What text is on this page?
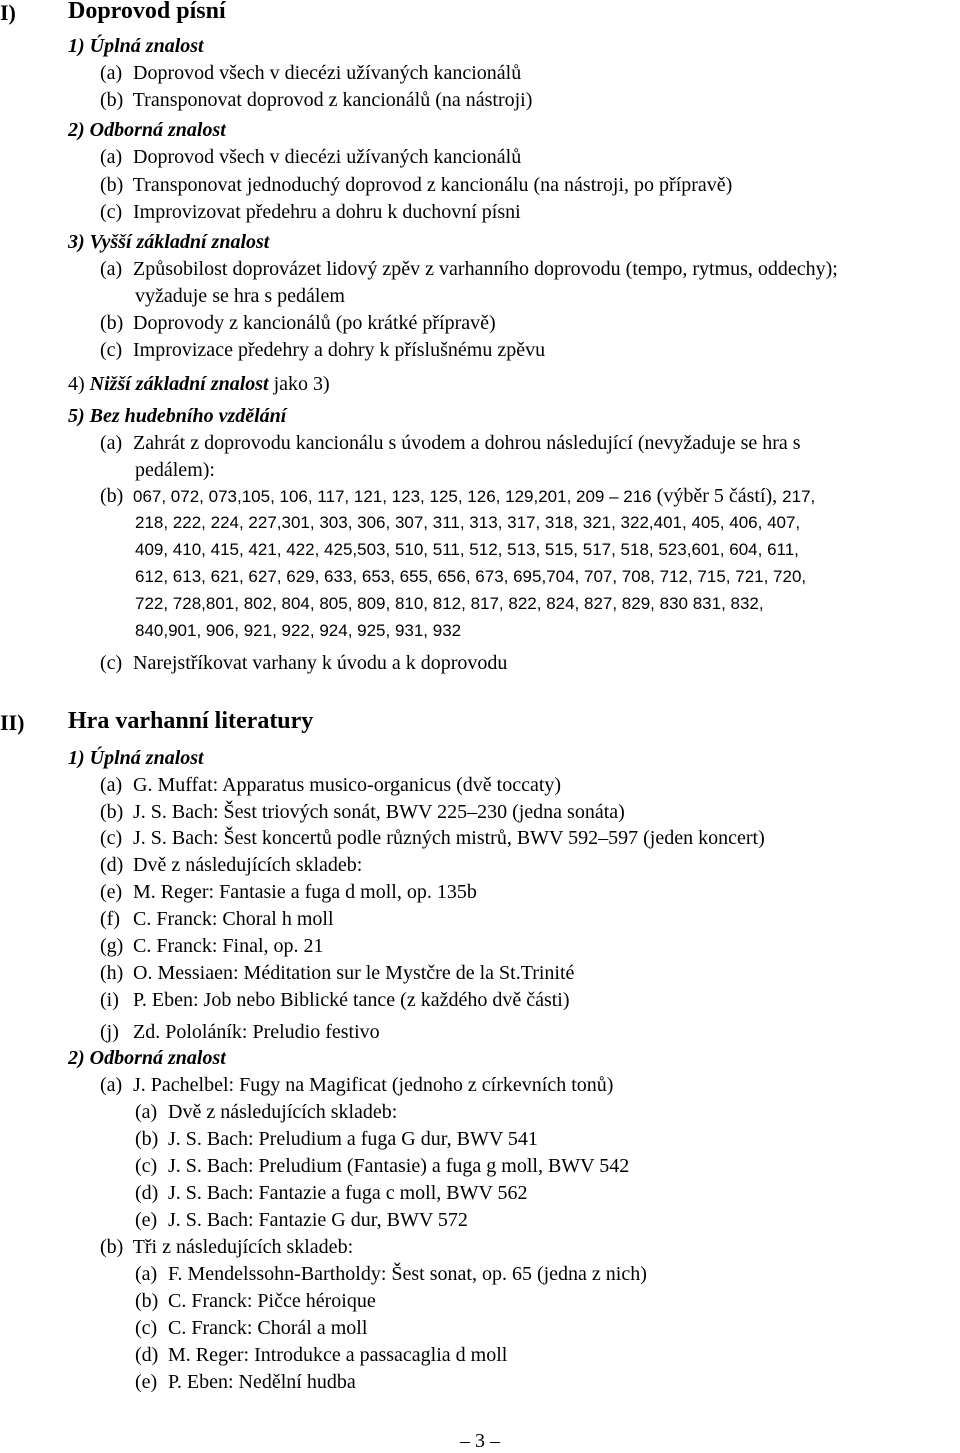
I) Doprovod písní
1) Úplná znalost
(a) Doprovod všech v diecézi užívaných kancionálů
(b) Transponovat doprovod z kancionálů (na nástroji)
2) Odborná znalost
(a) Doprovod všech v diecézi užívaných kancionálů
(b) Transponovat jednoduchý doprovod z kancionálu (na nástroji, po přípravě)
(c) Improvizovat předehru a dohru k duchovní písni
3) Vyšší základní znalost
(a) Způsobilost doprovázet lidový zpěv z varhanního doprovodu (tempo, rytmus, oddechy);
vyžaduje se hra s pedálem
(b) Doprovody z kancionálů (po krátké přípravě)
(c) Improvizace předehry a dohry k příslušnému zpěvu
4) Nižší základní znalost jako 3)
5) Bez hudebního vzdělání
(a) Zahrát z doprovodu kancionálu s úvodem a dohrou následující (nevyžaduje se hra s
pedálem):
(b) 067, 072, 073,105, 106, 117, 121, 123, 125, 126, 129,201, 209 – 216 (výběr 5 částí), 217,
218, 222, 224, 227,301, 303, 306, 307, 311, 313, 317, 318, 321, 322,401, 405, 406, 407,
409, 410, 415, 421, 422, 425,503, 510, 511, 512, 513, 515, 517, 518, 523,601, 604, 611,
612, 613, 621, 627, 629, 633, 653, 655, 656, 673, 695,704, 707, 708, 712, 715, 721, 720,
722, 728,801, 802, 804, 805, 809, 810, 812, 817, 822, 824, 827, 829, 830 831, 832,
840,901, 906, 921, 922, 924, 925, 931, 932
(c) Narejstříkovat varhany k úvodu a k doprovodu
II) Hra varhanní literatury
1) Úplná znalost
(a) G. Muffat: Apparatus musico-organicus (dvě toccaty)
(b) J. S. Bach: Šest triových sonát, BWV 225–230 (jedna sonáta)
(c) J. S. Bach: Šest koncertů podle různých mistrů, BWV 592–597 (jeden koncert)
(d) Dvě z následujících skladeb:
(e) M. Reger: Fantasie a fuga d moll, op. 135b
(f) C. Franck: Choral h moll
(g) C. Franck: Final, op. 21
(h) O. Messiaen: Méditation sur le Mystčre de la St.Trinité
(i) P. Eben: Job nebo Biblické tance (z každého dvě části)
(j) Zd. Pololáník: Preludio festivo
2) Odborná znalost
(a) J. Pachelbel: Fugy na Magificat (jednoho z církevních tonů)
(a) Dvě z následujících skladeb:
(b) J. S. Bach: Preludium a fuga G dur, BWV 541
(c) J. S. Bach: Preludium (Fantasie) a fuga g moll, BWV 542
(d) J. S. Bach: Fantazie a fuga c moll, BWV 562
(e) J. S. Bach: Fantazie G dur, BWV 572
(b) Tři z následujících skladeb:
(a) F. Mendelssohn-Bartholdy: Šest sonat, op. 65 (jedna z nich)
(b) C. Franck: Pičce héroique
(c) C. Franck: Chorál a moll
(d) M. Reger: Introdukce a passacaglia d moll
(e) P. Eben: Nedělní hudba
– 3 –
